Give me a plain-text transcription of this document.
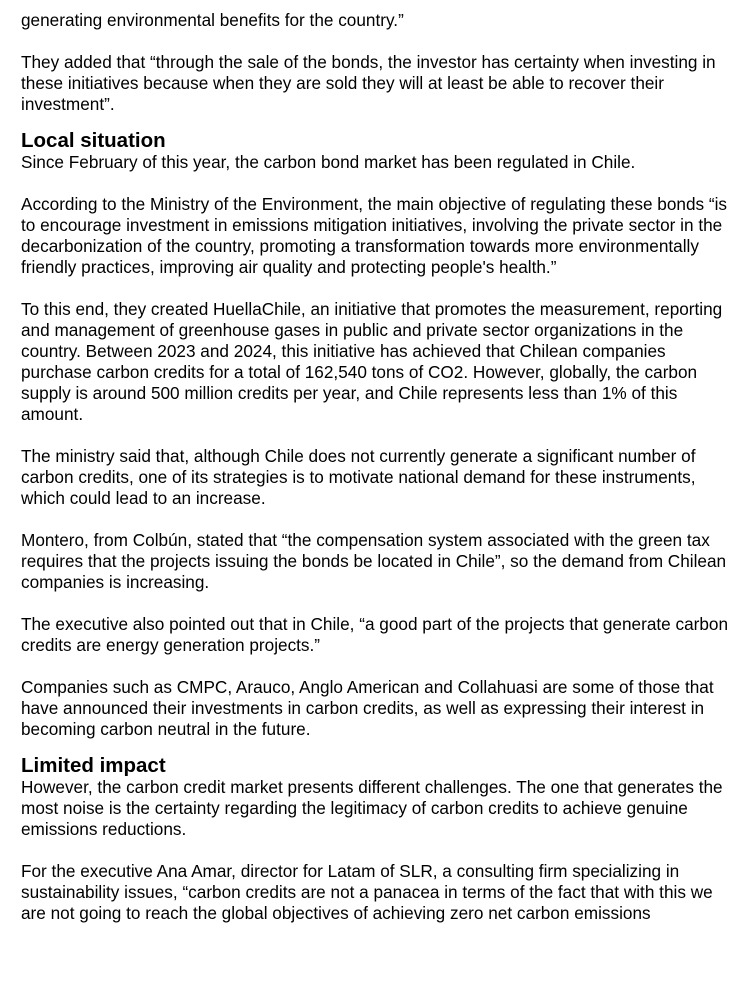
generating environmental benefits for the country.”

They added that “through the sale of the bonds, the investor has certainty when investing in these initiatives because when they are sold they will at least be able to recover their investment”.

Local situation

Since February of this year, the carbon bond market has been regulated in Chile.

According to the Ministry of the Environment, the main objective of regulating these bonds “is to encourage investment in emissions mitigation initiatives, involving the private sector in the decarbonization of the country, promoting a transformation towards more environmentally friendly practices, improving air quality and protecting people's health.”

To this end, they created HuellaChile, an initiative that promotes the measurement, reporting and management of greenhouse gases in public and private sector organizations in the country. Between 2023 and 2024, this initiative has achieved that Chilean companies purchase carbon credits for a total of 162,540 tons of CO2. However, globally, the carbon supply is around 500 million credits per year, and Chile represents less than 1% of this amount.

The ministry said that, although Chile does not currently generate a significant number of carbon credits, one of its strategies is to motivate national demand for these instruments, which could lead to an increase.

Montero, from Colbún, stated that “the compensation system associated with the green tax requires that the projects issuing the bonds be located in Chile”, so the demand from Chilean companies is increasing.

The executive also pointed out that in Chile, “a good part of the projects that generate carbon credits are energy generation projects.”

Companies such as CMPC, Arauco, Anglo American and Collahuasi are some of those that have announced their investments in carbon credits, as well as expressing their interest in becoming carbon neutral in the future.

Limited impact

However, the carbon credit market presents different challenges. The one that generates the most noise is the certainty regarding the legitimacy of carbon credits to achieve genuine emissions reductions.

For the executive Ana Amar, director for Latam of SLR, a consulting firm specializing in sustainability issues, “carbon credits are not a panacea in terms of the fact that with this we are not going to reach the global objectives of achieving zero net carbon emissions
